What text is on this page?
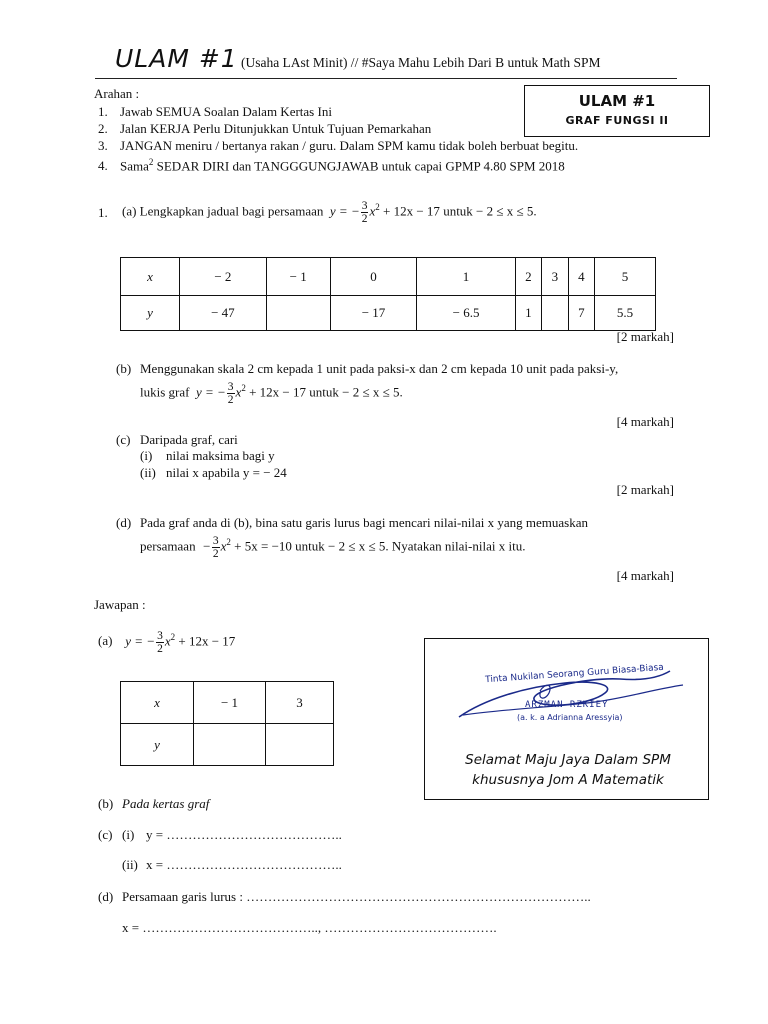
ULAM #1 (Usaha LAst Minit) // #Saya Mahu Lebih Dari B untuk Math SPM
ULAM #1
GRAF FUNGSI II
Arahan :
1. Jawab SEMUA Soalan Dalam Kertas Ini
2. Jalan KERJA Perlu Ditunjukkan Untuk Tujuan Pemarkahan
3. JANGAN meniru / bertanya rakan / guru. Dalam SPM kamu tidak boleh berbuat begitu.
4. Sama$^2$ SEDAR DIRI dan TANGGGUNGJAWAB untuk capai GPMP 4.80 SPM 2018
1. (a) Lengkapkan jadual bagi persamaan y = − $\frac{3}{2} x^2 + 12x - 17$ untuk − 2 ≤ x ≤ 5.
x	− 2	− 1	0	1	2	3	4	5
y	− 47		− 17	− 6.5	1		7	5.5
[2 markah]
(b) Menggunakan skala 2 cm kepada 1 unit pada paksi-x dan 2 cm kepada 10 unit pada paksi-y,
lukis graf y = − $\frac{3}{2} x^2 + 12x - 17$ untuk − 2 ≤ x ≤ 5.
[4 markah]
(c) Daripada graf, cari
(i) nilai maksima bagi y
(ii) nilai x apabila y = − 24
[2 markah]
(d) Pada graf anda di (b), bina satu garis lurus bagi mencari nilai-nilai x yang memuaskan
persamaan − $\frac{3}{2} x^2 + 5x = -10$ untuk − 2 ≤ x ≤ 5. Nyatakan nilai-nilai x itu.
[4 markah]
Jawapan :
(a) y = − $\frac{3}{2} x^2 + 12x - 17$
x	− 1	3
y		
(b) Pada kertas graf
(c) (i) y = …………………………………..
(ii) x = …………………………………..
(d) Persamaan garis lurus : ……………………………………………………………………..
x = ………………………………….., ………………………………….
Tinta Nukilan Seorang Guru Biasa-Biasa
ARZMAN RZKIEY
(a. k. a Adrianna Aressyia)
Selamat Maju Jaya Dalam SPM
khususnya Jom A Matematik
